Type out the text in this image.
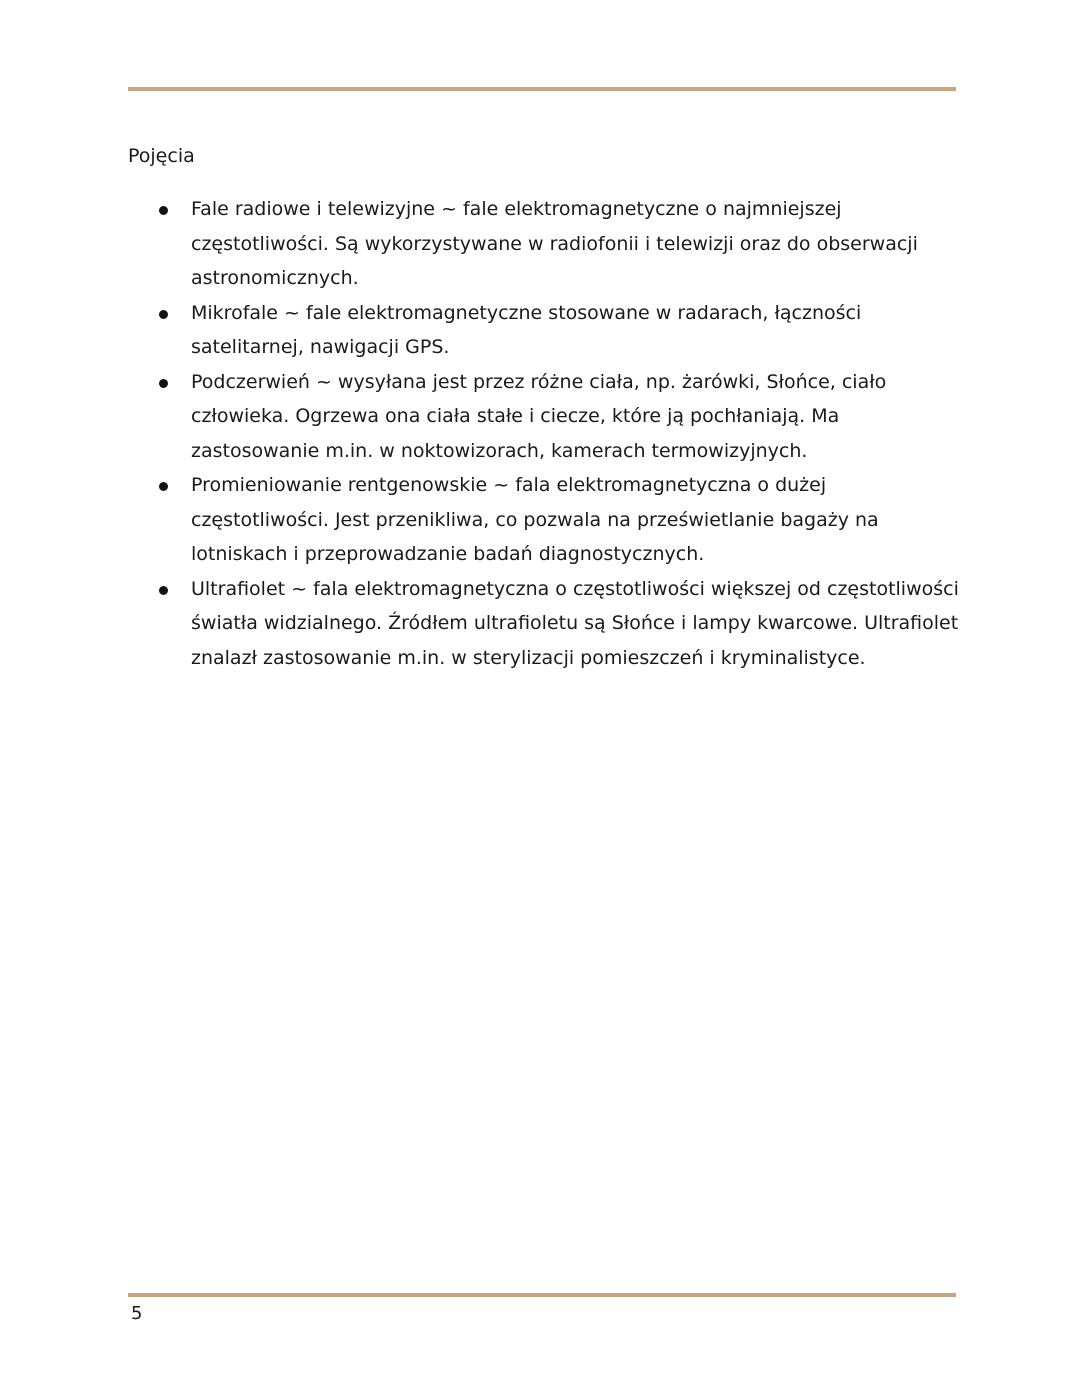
Pojęcia
Fale radiowe i telewizyjne ~ fale elektromagnetyczne o najmniejszej częstotliwości. Są wykorzystywane w radiofonii i telewizji oraz do obserwacji astronomicznych.
Mikrofale ~ fale elektromagnetyczne stosowane w radarach, łączności satelitarnej, nawigacji GPS.
Podczerwień ~ wysyłana jest przez różne ciała, np. żarówki, Słońce, ciało człowieka. Ogrzewa ona ciała stałe i ciecze, które ją pochłaniają. Ma zastosowanie m.in. w noktowizorach, kamerach termowizyjnych.
Promieniowanie rentgenowskie ~ fala elektromagnetyczna o dużej częstotliwości. Jest przenikliwa, co pozwala na prześwietlanie bagaży na lotniskach i przeprowadzanie badań diagnostycznych.
Ultrafiolet ~ fala elektromagnetyczna o częstotliwości większej od częstotliwości światła widzialnego. Źródłem ultrafioletu są Słońce i lampy kwarcowe. Ultrafiolet znalazł zastosowanie m.in. w sterylizacji pomieszczeń i kryminalistyce.
5
